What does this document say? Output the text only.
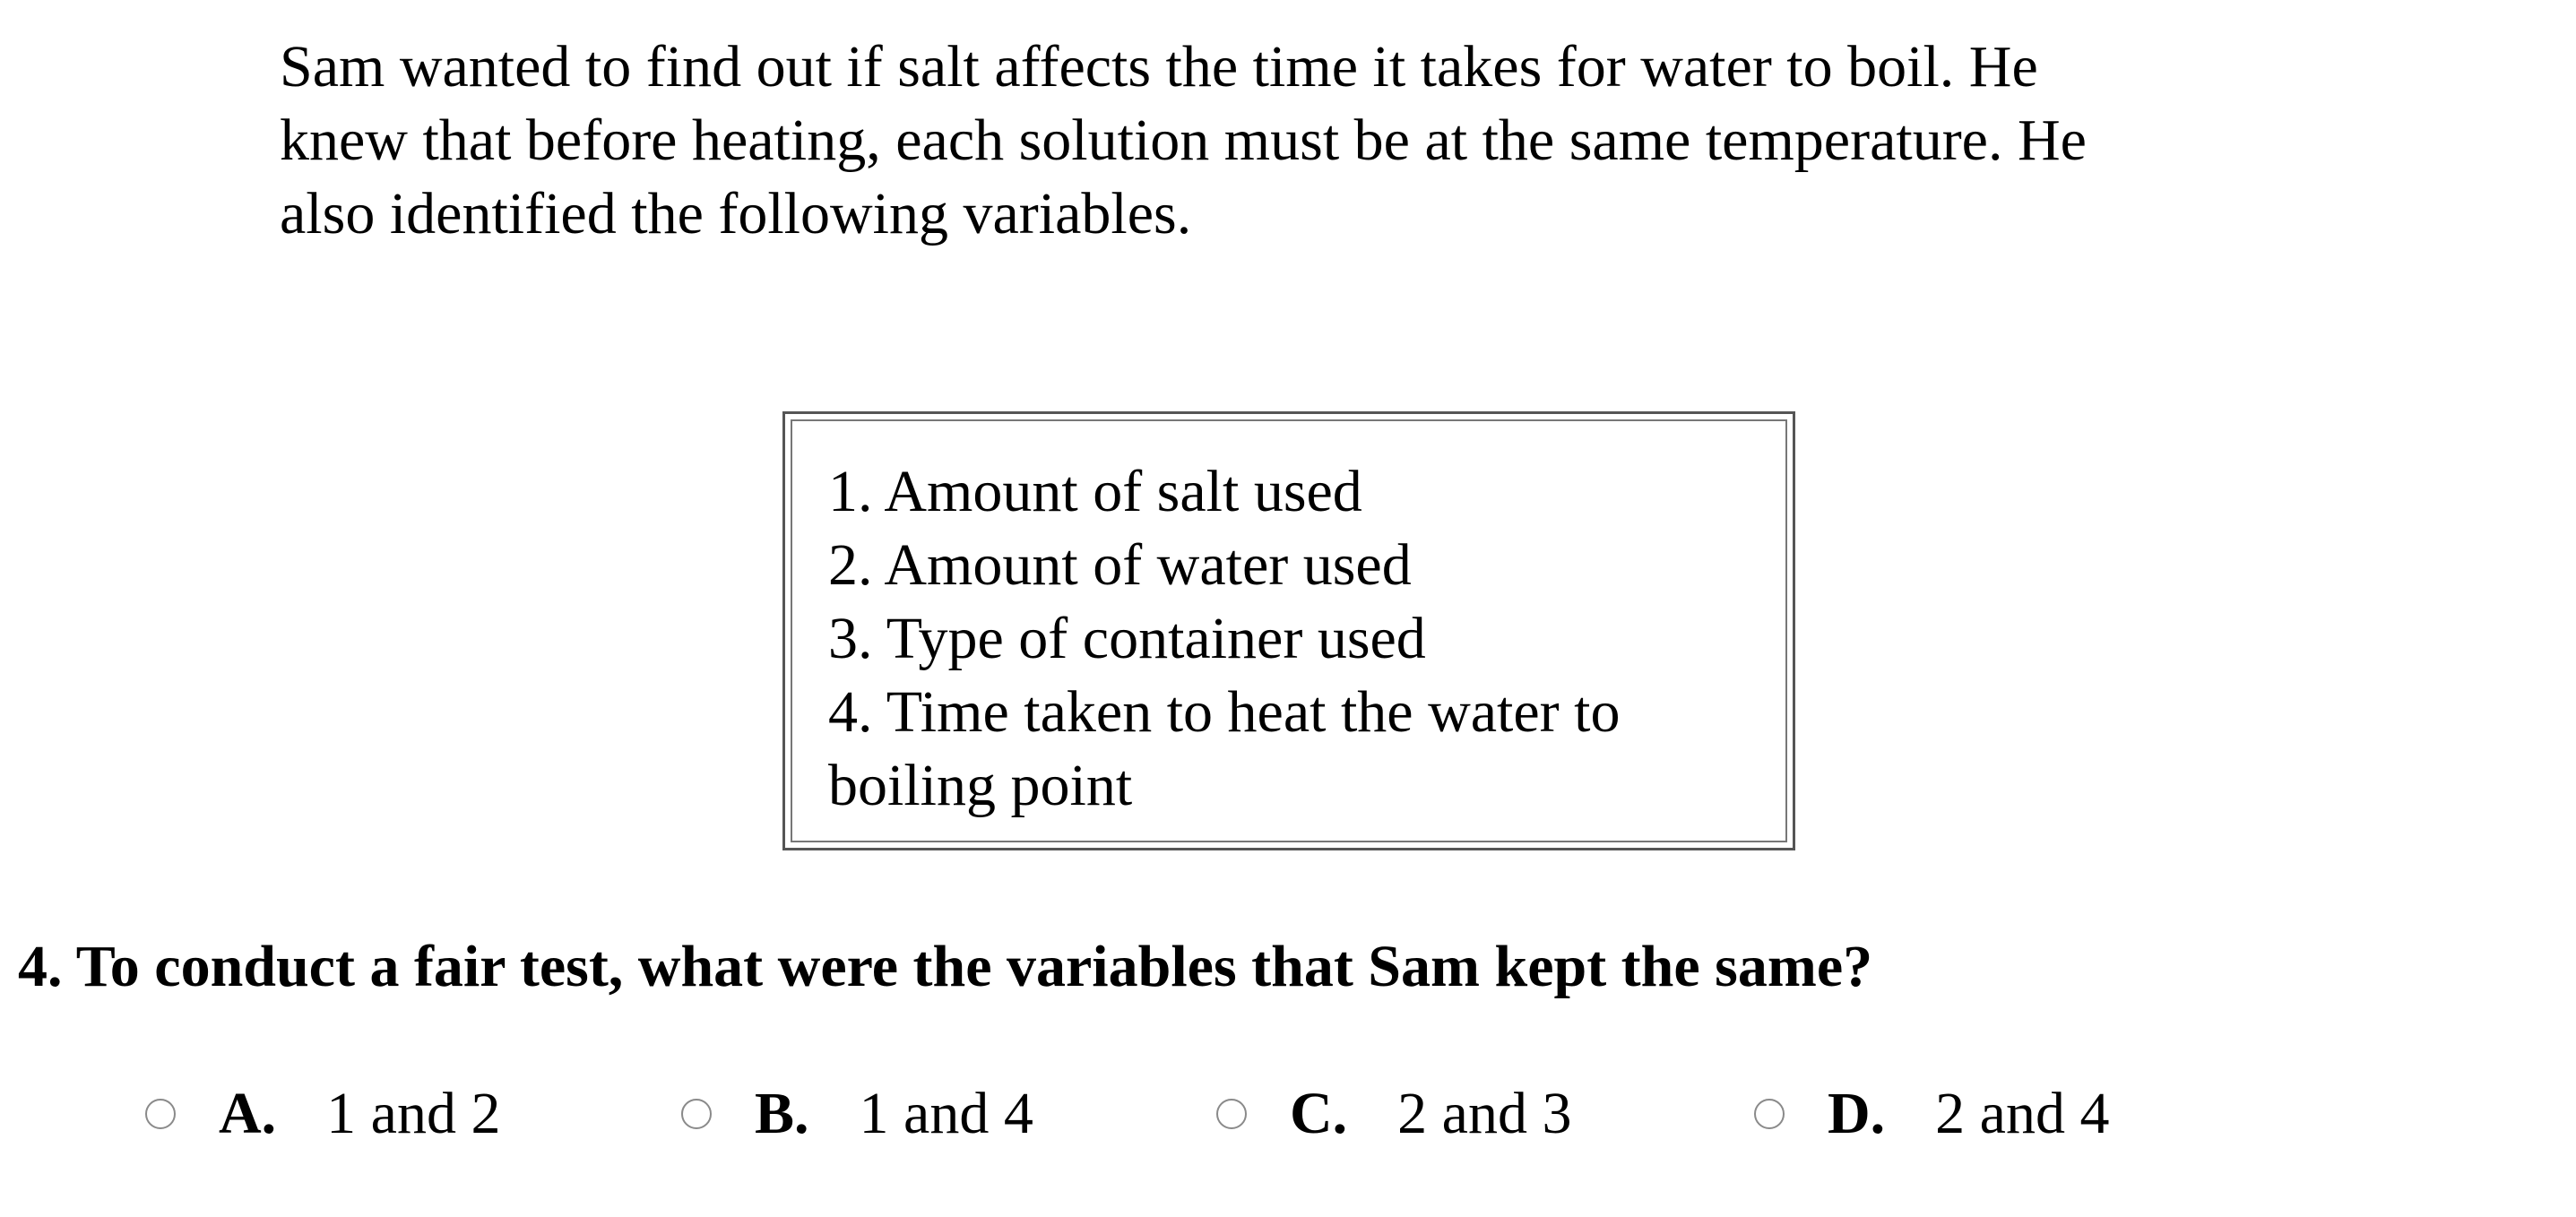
Sam wanted to find out if salt affects the time it takes for water to boil. He
knew that before heating, each solution must be at the same temperature. He
also identified the following variables.
1. Amount of salt used
2. Amount of water used
3. Type of container used
4. Time taken to heat the water to
boiling point
4. To conduct a fair test, what were the variables that Sam kept the same?
A. 1 and 2	B. 1 and 4	C. 2 and 3	D. 2 and 4
